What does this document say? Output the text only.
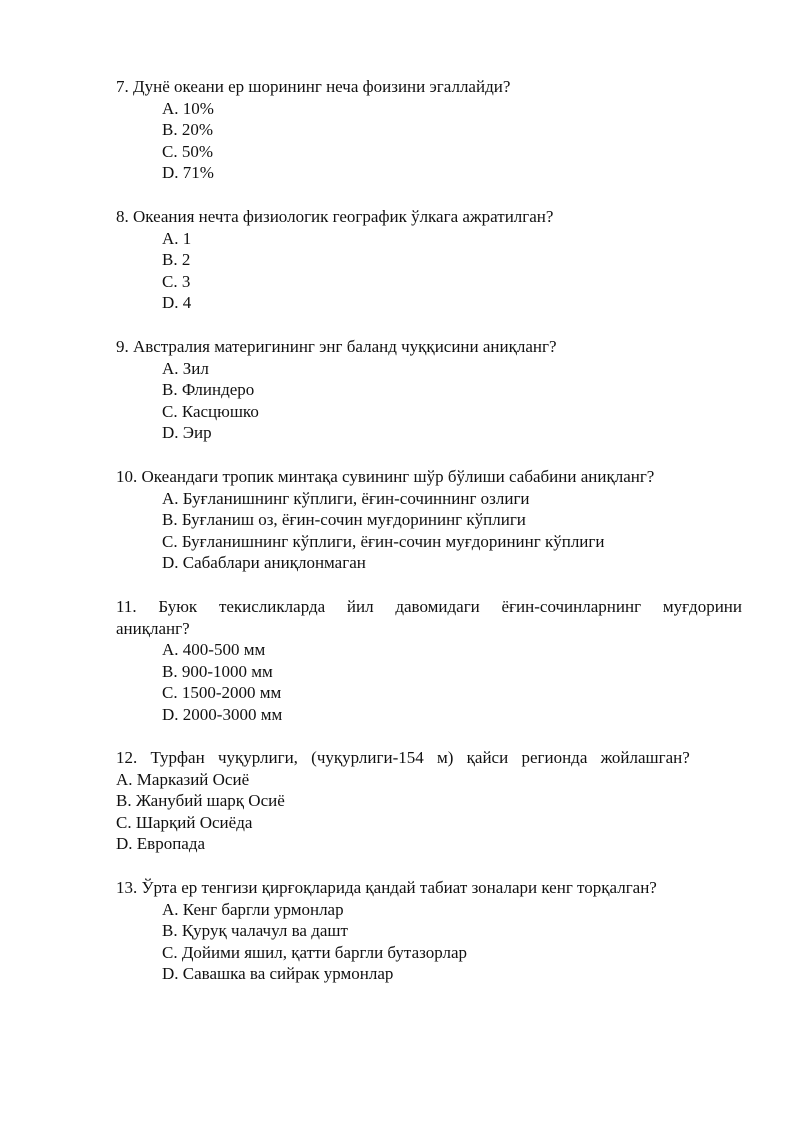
7. Дунё океани ер шорининг неча фоизини эгаллайди?

A. 10%
B. 20%
C. 50%
D. 71%

8. Океания нечта физиологик географик ўлкага ажратилган?

A. 1
B. 2
C. 3
D. 4

9. Австралия материгининг энг баланд чуққисини аниқланг?

A. Зил
B. Флиндеро
C. Касцюшко
D. Эир

10. Океандаги тропик минтақа сувининг шўр бўлиши сабабини аниқланг?

A. Буғланишнинг кўплиги, ёғин-сочиннинг озлиги
B. Буғланиш оз, ёғин-сочин муғдорининг кўплиги
C. Буғланишнинг кўплиги, ёғин-сочин муғдорининг кўплиги
D. Сабаблари аниқлонмаган

11. Буюк текисликларда йил давомидаги ёғин-сочинларнинг муғдорини аниқланг?

A. 400-500 мм
B. 900-1000 мм
C. 1500-2000 мм
D. 2000-3000 мм

12. Турфан чуқурлиги, (чуқурлиги-154 м) қайси регионда жойлашган?

A. Марказий Осиё
B. Жанубий шарқ Осиё
C. Шарқий Осиёда
D. Европада

13. Ўрта ер тенгизи қирғоқларида қандай табиат зоналари кенг торқалган?

A. Кенг баргли урмонлар
B. Қуруқ чалачул ва дашт
C. Дойими яшил, қатти баргли бутазорлар
D. Савашка ва сийрак урмонлар
